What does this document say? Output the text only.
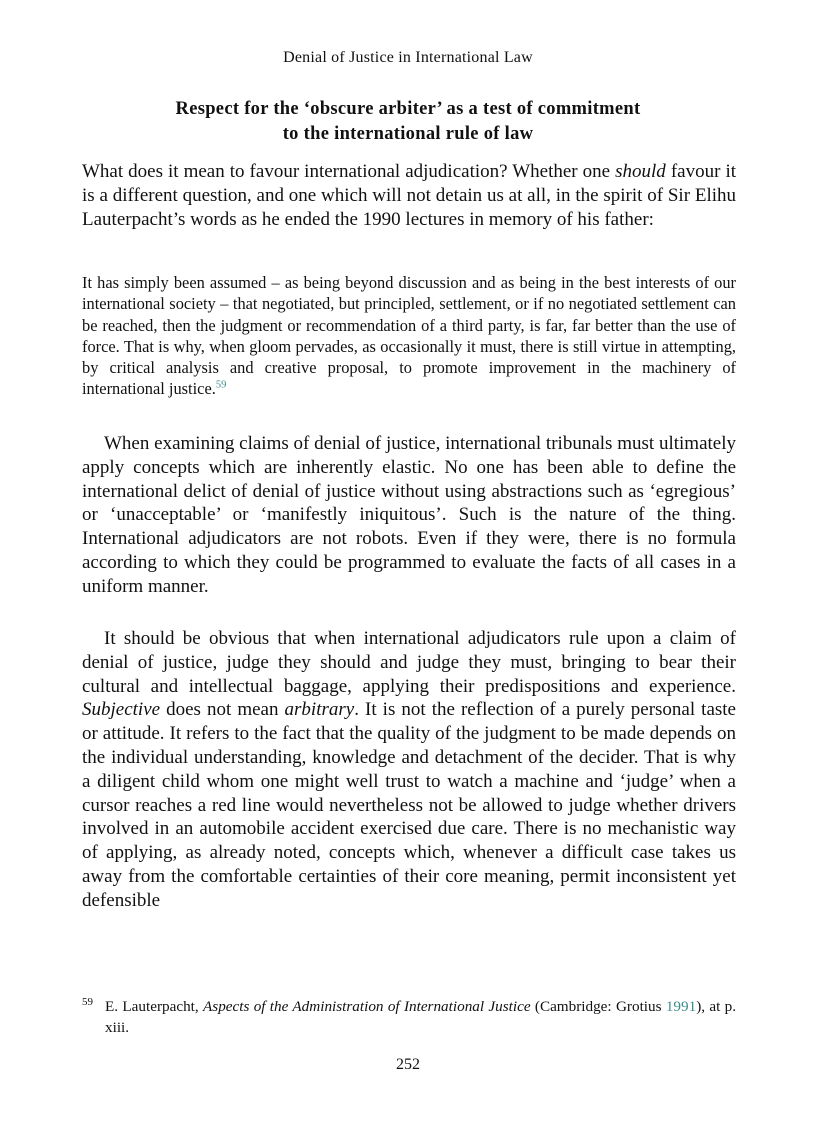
Denial of Justice in International Law
Respect for the ‘obscure arbiter’ as a test of commitment
to the international rule of law

What does it mean to favour international adjudication? Whether one should favour it is a different question, and one which will not detain us at all, in the spirit of Sir Elihu Lauterpacht’s words as he ended the 1990 lectures in memory of his father:

It has simply been assumed – as being beyond discussion and as being in the best interests of our international society – that negotiated, but principled, settlement, or if no negotiated settlement can be reached, then the judgment or recommendation of a third party, is far, far better than the use of force. That is why, when gloom pervades, as occasionally it must, there is still virtue in attempting, by critical analysis and creative proposal, to promote improvement in the machinery of international justice.$^{59}$

When examining claims of denial of justice, international tribunals must ultimately apply concepts which are inherently elastic. No one has been able to define the international delict of denial of justice without using abstractions such as ‘egregious’ or ‘unacceptable’ or ‘manifestly iniquitous’. Such is the nature of the thing. International adjudicators are not robots. Even if they were, there is no formula according to which they could be programmed to evaluate the facts of all cases in a uniform manner.

It should be obvious that when international adjudicators rule upon a claim of denial of justice, judge they should and judge they must, bringing to bear their cultural and intellectual baggage, applying their predispositions and experience. Subjective does not mean arbitrary. It is not the reflection of a purely personal taste or attitude. It refers to the fact that the quality of the judgment to be made depends on the individual understanding, knowledge and detachment of the decider. That is why a diligent child whom one might well trust to watch a machine and ‘judge’ when a cursor reaches a red line would nevertheless not be allowed to judge whether drivers involved in an automobile accident exercised due care. There is no mechanistic way of applying, as already noted, concepts which, whenever a difficult case takes us away from the comfortable certainties of their core meaning, permit inconsistent yet defensible

59 E. Lauterpacht, Aspects of the Administration of International Justice (Cambridge: Grotius 1991), at p. xiii.
252
